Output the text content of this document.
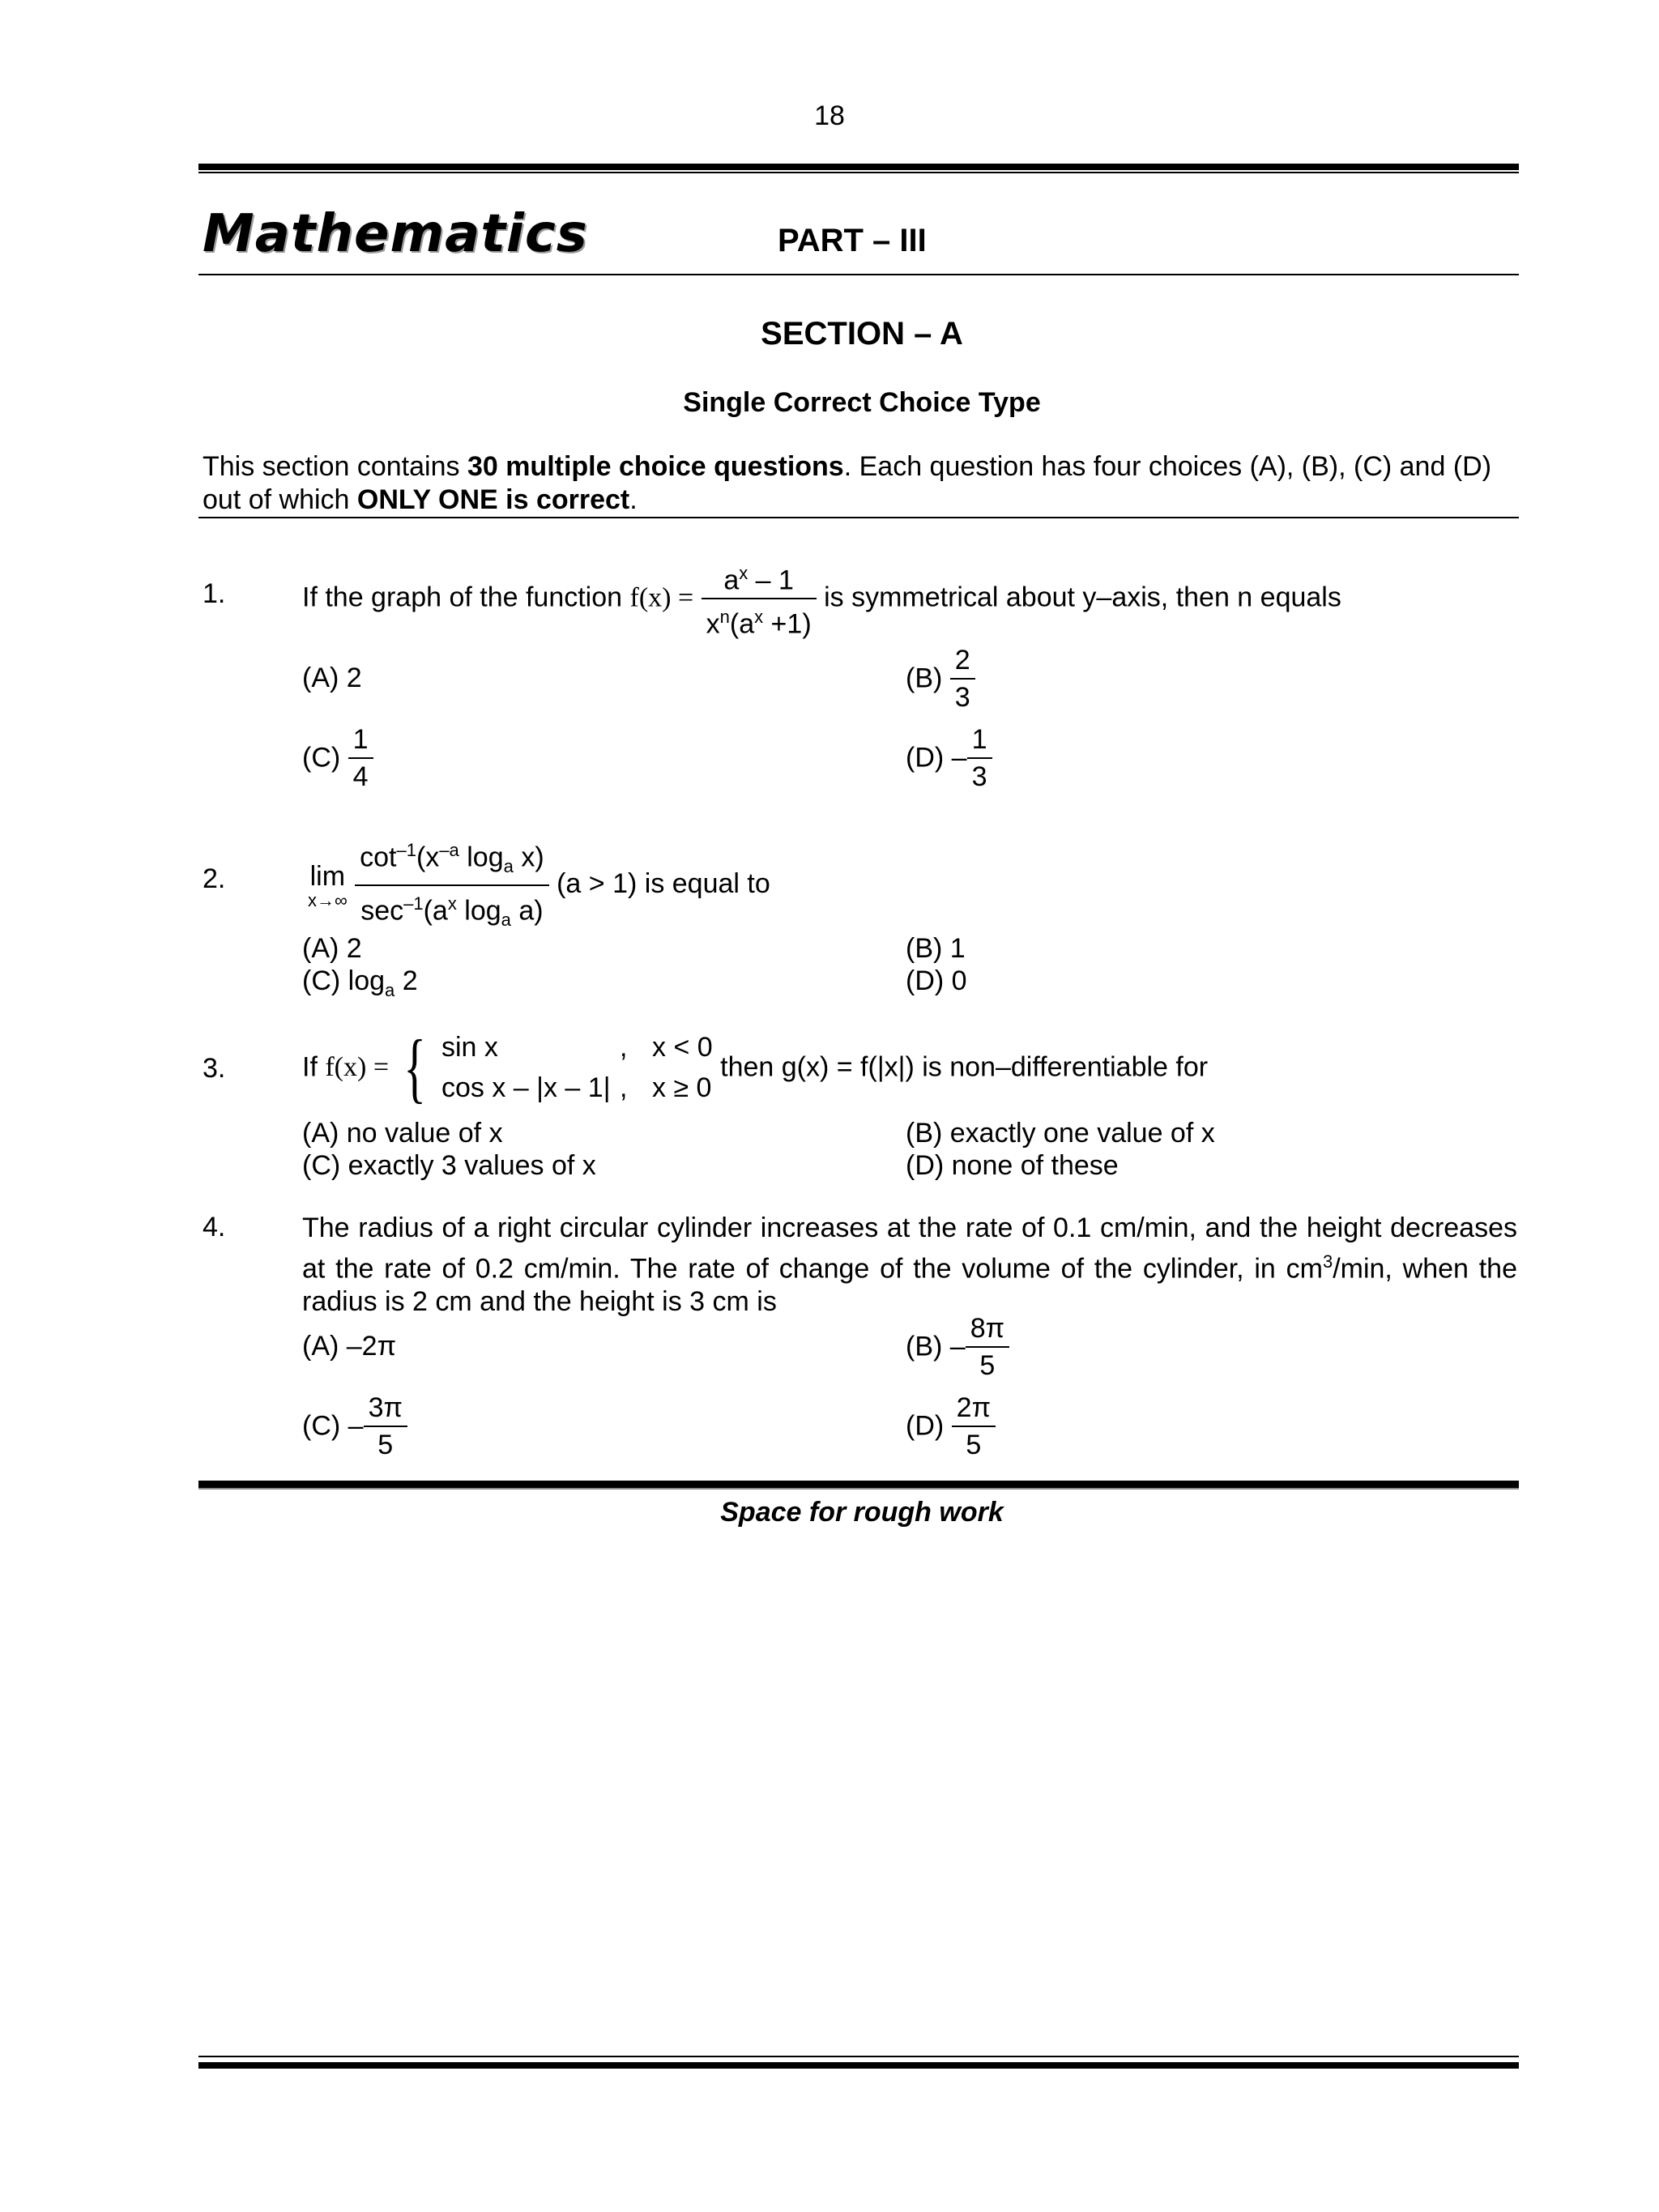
18
Mathematics	PART – III
SECTION – A
Single Correct Choice Type
This section contains 30 multiple choice questions. Each question has four choices (A), (B), (C) and (D) out of which ONLY ONE is correct.
1.	If the graph of the function $f(x) = \frac{a^x - 1}{x^n(a^x +1)}$ is symmetrical about y–axis, then n equals
(A) 2	$(B) \frac{2}{3}$
$(C) \frac{1}{4}$	$(D) - \frac{1}{3}$
2.	lim
x→∞
$\frac{\cot^{-1}(x^{-a} \log_a x)}{\sec^{-1}(a^x \log_a a)} (a > 1)$ is equal to
(A) 2	(B) 1
(C) $\log_a 2$	(D) 0
3.	If f(x) = { sin x	, x < 0
cos x – |x – 1| , x ≥ 0
then g(x) = f(|x|) is non–differentiable for
(A) no value of x	(B) exactly one value of x
(C) exactly 3 values of x	(D) none of these
4.	The radius of a right circular cylinder increases at the rate of 0.1 cm/min, and the height decreases at the rate of 0.2 cm/min. The rate of change of the volume of the cylinder, in $cm^3/\min$, when the radius is 2 cm and the height is 3 cm is
(A) –2π	$(B) - \frac{8\pi}{5}$
$(C) - \frac{3\pi}{5}$	$(D) \frac{2\pi}{5}$
Space for rough work
